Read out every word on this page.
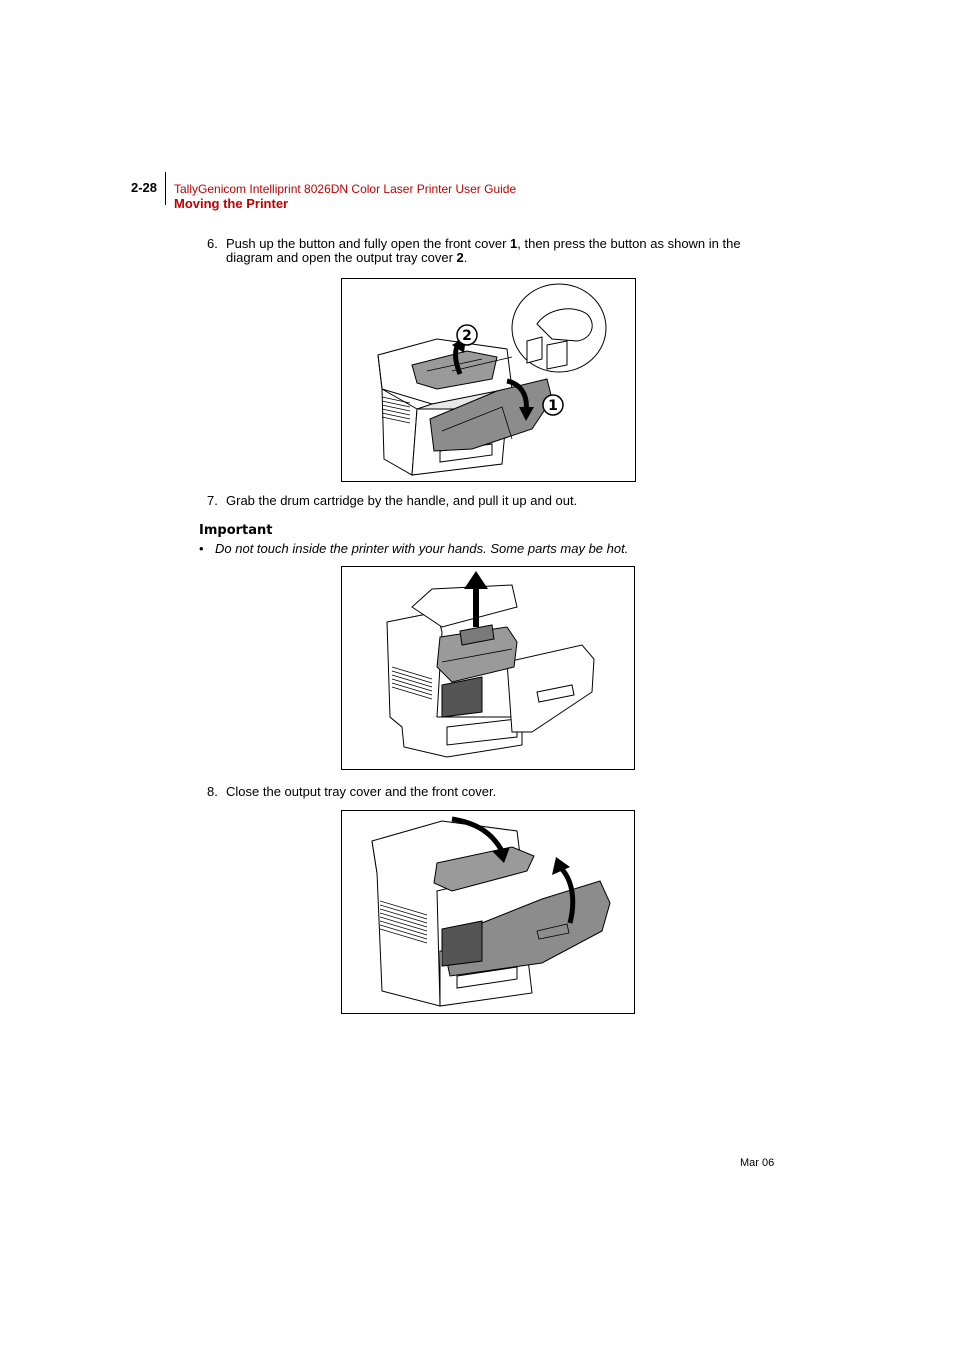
2-28 TallyGenicom Intelliprint 8026DN Color Laser Printer User Guide
Moving the Printer
6. Push up the button and fully open the front cover 1, then press the button as shown in the diagram and open the output tray cover 2.
2
1
7. Grab the drum cartridge by the handle, and pull it up and out.
Important
• Do not touch inside the printer with your hands. Some parts may be hot.
8. Close the output tray cover and the front cover.
Mar 06
